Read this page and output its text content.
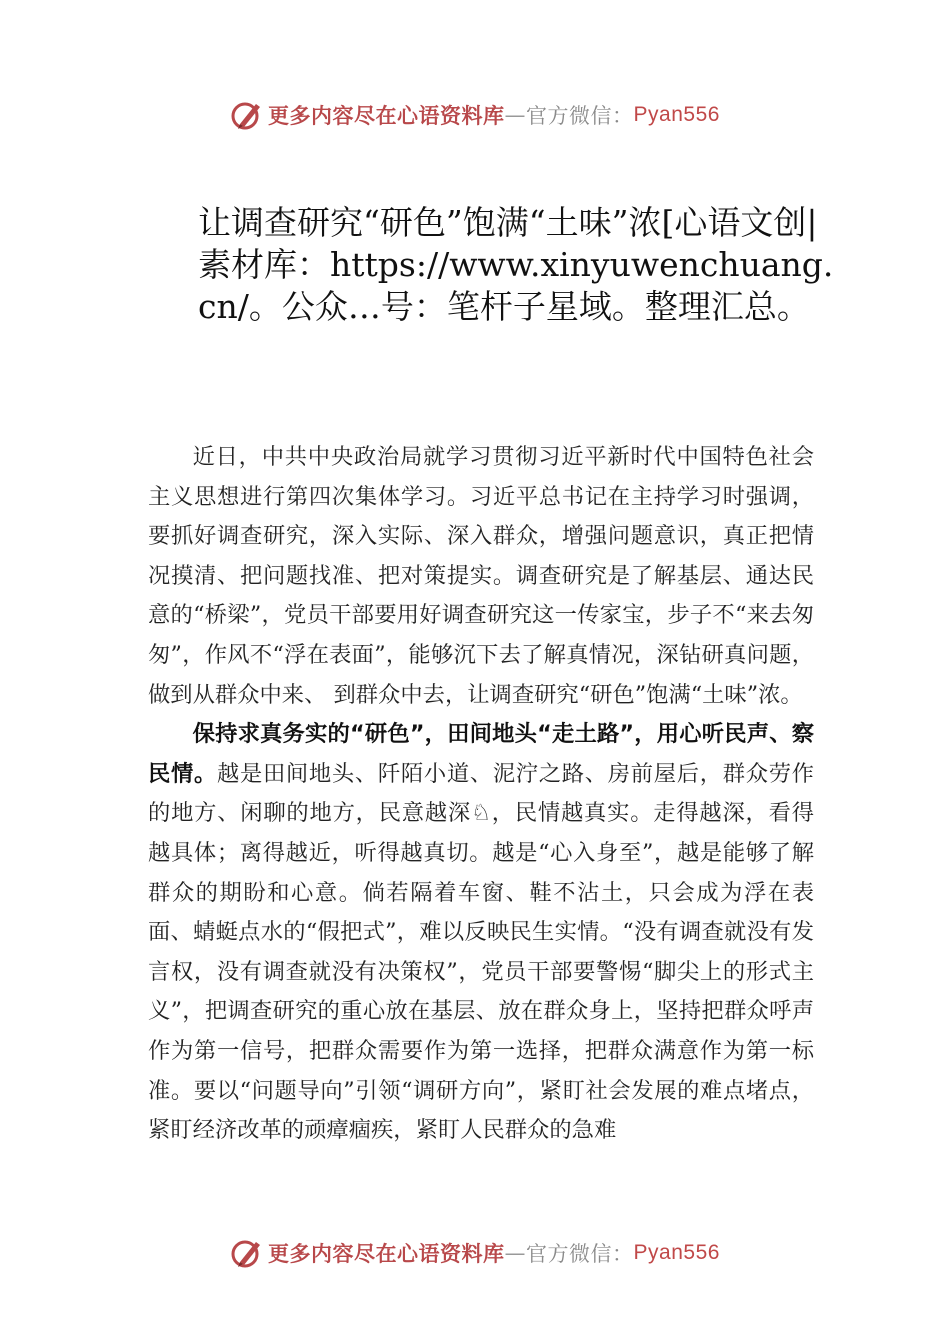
更多内容尽在心语资料库 — 官方微信： Pyan556
让调查研究“研色”饱满“土味”浓[心语文创|素材库：https://www.xinyuwenchuang.cn/。公众…号：笔杆子星域。整理汇总。

近日，中共中央政治局就学习贯彻习近平新时代中国特色社会主义思想进行第四次集体学习。习近平总书记在主持学习时强调，要抓好调查研究，深入实际、深入群众，增强问题意识，真正把情况摸清、把问题找准、把对策提实。调查研究是了解基层、通达民意的“桥梁”，党员干部要用好调查研究这一传家宝，步子不“来去匆匆”，作风不“浮在表面”，能够沉下去了解真情况，深钻研真问题，做到从群众中来、 到群众中去，让调查研究“研色”饱满“土味”浓。

保持求真务实的“研色”，田间地头“走土路”，用心听民声、察民情。越是田间地头、阡陌小道、泥泞之路、房前屋后，群众劳作的地方、闲聊的地方，民意越深♘，民情越真实。走得越深，看得越具体；离得越近，听得越真切。越是“心入身至”，越是能够了解群众的期盼和心意。倘若隔着车窗、鞋不沾土，只会成为浮在表面、蜻蜓点水的“假把式”，难以反映民生实情。“没有调查就没有发言权，没有调查就没有决策权”，党员干部要警惕“脚尖上的形式主义”，把调查研究的重心放在基层、放在群众身上，坚持把群众呼声作为第一信号，把群众需要作为第一选择，把群众满意作为第一标准。要以“问题导向”引领“调研方向”，紧盯社会发展的难点堵点，紧盯经济改革的顽瘴痼疾，紧盯人民群众的急难

更多内容尽在心语资料库 — 官方微信： Pyan556
